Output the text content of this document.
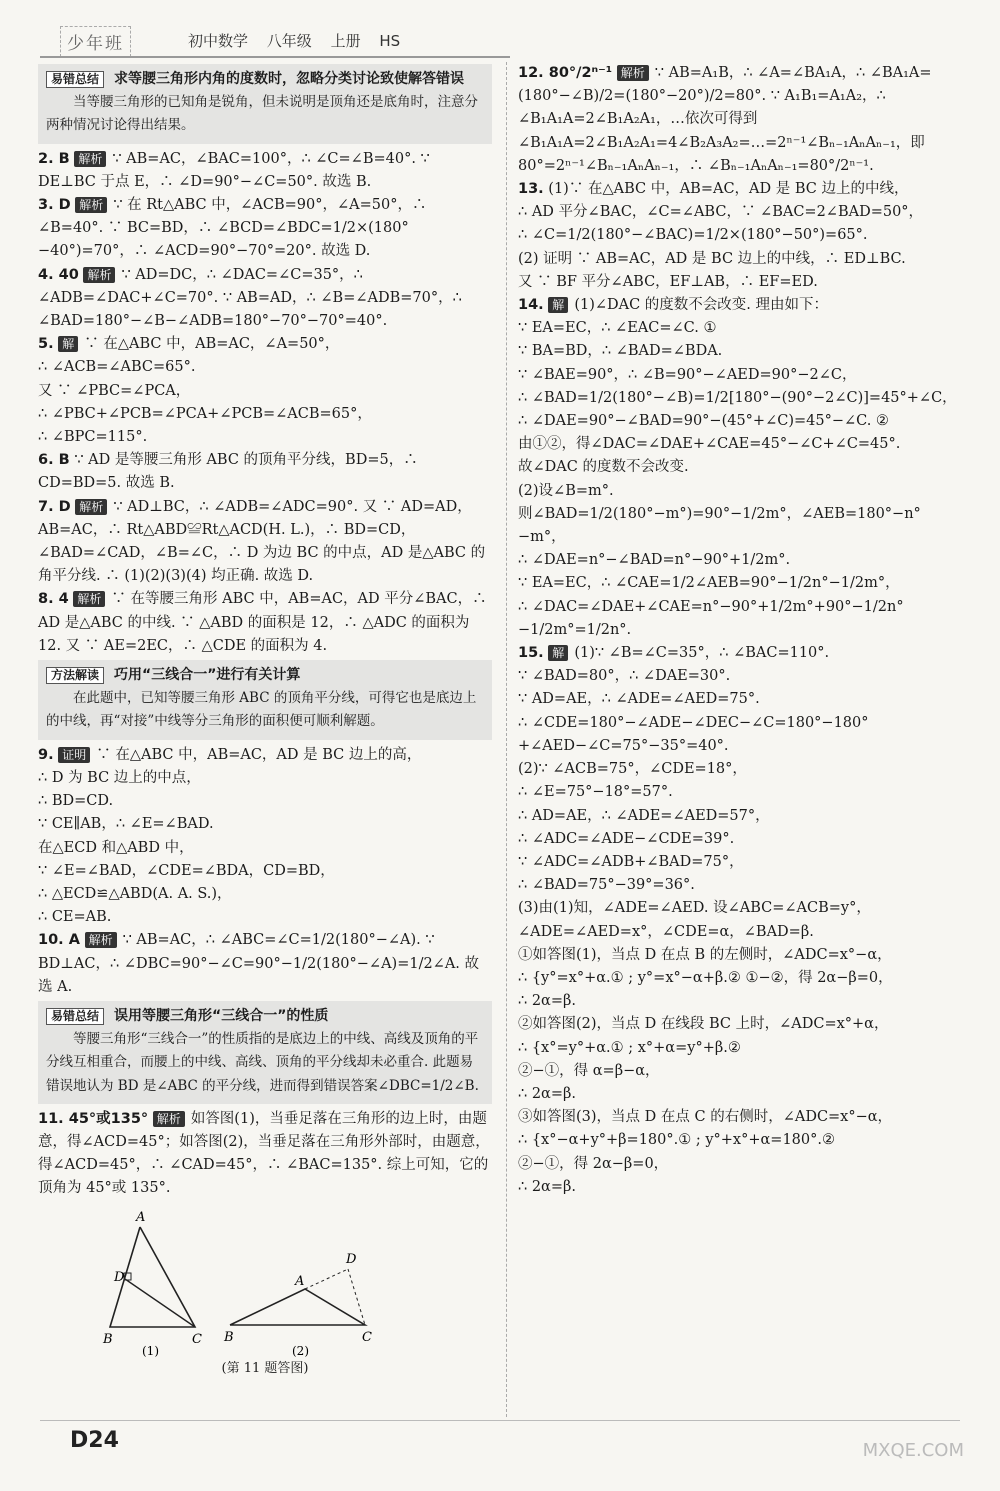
少年班	初中数学 八年级 上册 HS

易错总结 求等腰三角形内角的度数时，忽略分类讨论致使解答错误

当等腰三角形的已知角是锐角，但未说明是顶角还是底角时，注意分两种情况讨论得出结果。

2. B 解析 ∵ AB=AC，∠BAC=100°，∴ ∠C=∠B=40°. ∵ DE⊥BC 于点 E，∴ ∠D=90°−∠C=50°. 故选 B.

3. D 解析 ∵ 在 Rt△ABC 中，∠ACB=90°，∠A=50°，∴ ∠B=40°. ∵ BC=BD，∴ ∠BCD=∠BDC=1/2×(180°−40°)=70°，∴ ∠ACD=90°−70°=20°. 故选 D.

4. 40 解析 ∵ AD=DC，∴ ∠DAC=∠C=35°，∴ ∠ADB=∠DAC+∠C=70°. ∵ AB=AD，∴ ∠B=∠ADB=70°，∴ ∠BAD=180°−∠B−∠ADB=180°−70°−70°=40°.

5. 解 ∵ 在△ABC 中，AB=AC，∠A=50°，

∴ ∠ACB=∠ABC=65°.

又 ∵ ∠PBC=∠PCA，

∴ ∠PBC+∠PCB=∠PCA+∠PCB=∠ACB=65°，

∴ ∠BPC=115°.

6. B ∵ AD 是等腰三角形 ABC 的顶角平分线，BD=5，∴ CD=BD=5. 故选 B.

7. D 解析 ∵ AD⊥BC，∴ ∠ADB=∠ADC=90°. 又 ∵ AD=AD，AB=AC，∴ Rt△ABD≌Rt△ACD(H. L.)，∴ BD=CD，∠BAD=∠CAD，∠B=∠C，∴ D 为边 BC 的中点，AD 是△ABC 的角平分线. ∴ (1)(2)(3)(4) 均正确. 故选 D.

8. 4 解析 ∵ 在等腰三角形 ABC 中，AB=AC，AD 平分∠BAC，∴ AD 是△ABC 的中线. ∵ △ABD 的面积是 12，∴ △ADC 的面积为 12. 又 ∵ AE=2EC，∴ △CDE 的面积为 4.

方法解读 巧用“三线合一”进行有关计算

在此题中，已知等腰三角形 ABC 的顶角平分线，可得它也是底边上的中线，再“对接”中线等分三角形的面积便可顺利解题。

9. 证明 ∵ 在△ABC 中，AB=AC，AD 是 BC 边上的高，

∴ D 为 BC 边上的中点，

∴ BD=CD.

∵ CE∥AB，∴ ∠E=∠BAD.

在△ECD 和△ABD 中，

∵ ∠E=∠BAD，∠CDE=∠BDA，CD=BD，

∴ △ECD≌△ABD(A. A. S.)，

∴ CE=AB.

10. A 解析 ∵ AB=AC，∴ ∠ABC=∠C=1/2(180°−∠A). ∵ BD⊥AC，∴ ∠DBC=90°−∠C=90°−1/2(180°−∠A)=1/2∠A. 故选 A.

易错总结 误用等腰三角形“三线合一”的性质

等腰三角形“三线合一”的性质指的是底边上的中线、高线及顶角的平分线互相重合，而腰上的中线、高线、顶角的平分线却未必重合. 此题易错误地认为 BD 是∠ABC 的平分线，进而得到错误答案∠DBC=1/2∠B.

11. 45°或135° 解析 如答图(1)，当垂足落在三角形的边上时，由题意，得∠ACD=45°；如答图(2)，当垂足落在三角形外部时，由题意，得∠ACD=45°，∴ ∠CAD=45°，∴ ∠BAC=135°. 综上可知，它的顶角为 45°或 135°.

A
D
B	C
A
D
B	C
(1)	(2)

(第 11 题答图)

12. 80°/2ⁿ⁻¹ 解析 ∵ AB=A₁B，∴ ∠A=∠BA₁A，∴ ∠BA₁A=(180°−∠B)/2=(180°−20°)/2=80°. ∵ A₁B₁=A₁A₂，∴ ∠B₁A₁A=2∠B₁A₂A₁，…依次可得到∠B₁A₁A=2∠B₁A₂A₁=4∠B₂A₃A₂=…=2ⁿ⁻¹∠Bₙ₋₁AₙAₙ₋₁，即 80°=2ⁿ⁻¹∠Bₙ₋₁AₙAₙ₋₁，∴ ∠Bₙ₋₁AₙAₙ₋₁=80°/2ⁿ⁻¹.

13. (1)∵ 在△ABC 中，AB=AC，AD 是 BC 边上的中线，

∴ AD 平分∠BAC，∠C=∠ABC，∵ ∠BAC=2∠BAD=50°，

∴ ∠C=1/2(180°−∠BAC)=1/2×(180°−50°)=65°.

(2) 证明 ∵ AB=AC，AD 是 BC 边上的中线，∴ ED⊥BC.

又 ∵ BF 平分∠ABC，EF⊥AB，∴ EF=ED.

14. 解 (1)∠DAC 的度数不会改变. 理由如下：

∵ EA=EC，∴ ∠EAC=∠C. ①

∵ BA=BD，∴ ∠BAD=∠BDA.

∵ ∠BAE=90°，∴ ∠B=90°−∠AED=90°−2∠C，

∴ ∠BAD=1/2(180°−∠B)=1/2[180°−(90°−2∠C)]=45°+∠C，

∴ ∠DAE=90°−∠BAD=90°−(45°+∠C)=45°−∠C. ②

由①②，得∠DAC=∠DAE+∠CAE=45°−∠C+∠C=45°.

故∠DAC 的度数不会改变.

(2)设∠B=m°.

则∠BAD=1/2(180°−m°)=90°−1/2m°，∠AEB=180°−n°−m°，

∴ ∠DAE=n°−∠BAD=n°−90°+1/2m°.

∵ EA=EC，∴ ∠CAE=1/2∠AEB=90°−1/2n°−1/2m°，

∴ ∠DAC=∠DAE+∠CAE=n°−90°+1/2m°+90°−1/2n°−1/2m°=1/2n°.

15. 解 (1)∵ ∠B=∠C=35°，∴ ∠BAC=110°.

∵ ∠BAD=80°，∴ ∠DAE=30°.

∵ AD=AE，∴ ∠ADE=∠AED=75°.

∴ ∠CDE=180°−∠ADE−∠DEC−∠C=180°−180°+∠AED−∠C=75°−35°=40°.

(2)∵ ∠ACB=75°，∠CDE=18°，

∴ ∠E=75°−18°=57°.

∴ AD=AE，∴ ∠ADE=∠AED=57°，

∴ ∠ADC=∠ADE−∠CDE=39°.

∵ ∠ADC=∠ADB+∠BAD=75°，

∴ ∠BAD=75°−39°=36°.

(3)由(1)知，∠ADE=∠AED. 设∠ABC=∠ACB=y°，∠ADE=∠AED=x°，∠CDE=α，∠BAD=β.

①如答图(1)，当点 D 在点 B 的左侧时，∠ADC=x°−α，

∴ {y°=x°+α.① ; y°=x°−α+β.② ①−②，得 2α−β=0，

∴ 2α=β.

②如答图(2)，当点 D 在线段 BC 上时，∠ADC=x°+α，

∴ {x°=y°+α.① ; x°+α=y°+β.②

②−①，得 α=β−α，

∴ 2α=β.

③如答图(3)，当点 D 在点 C 的右侧时，∠ADC=x°−α，

∴ {x°−α+y°+β=180°.① ; y°+x°+α=180°.②

②−①，得 2α−β=0，

∴ 2α=β.

D24	MXQE.COM
